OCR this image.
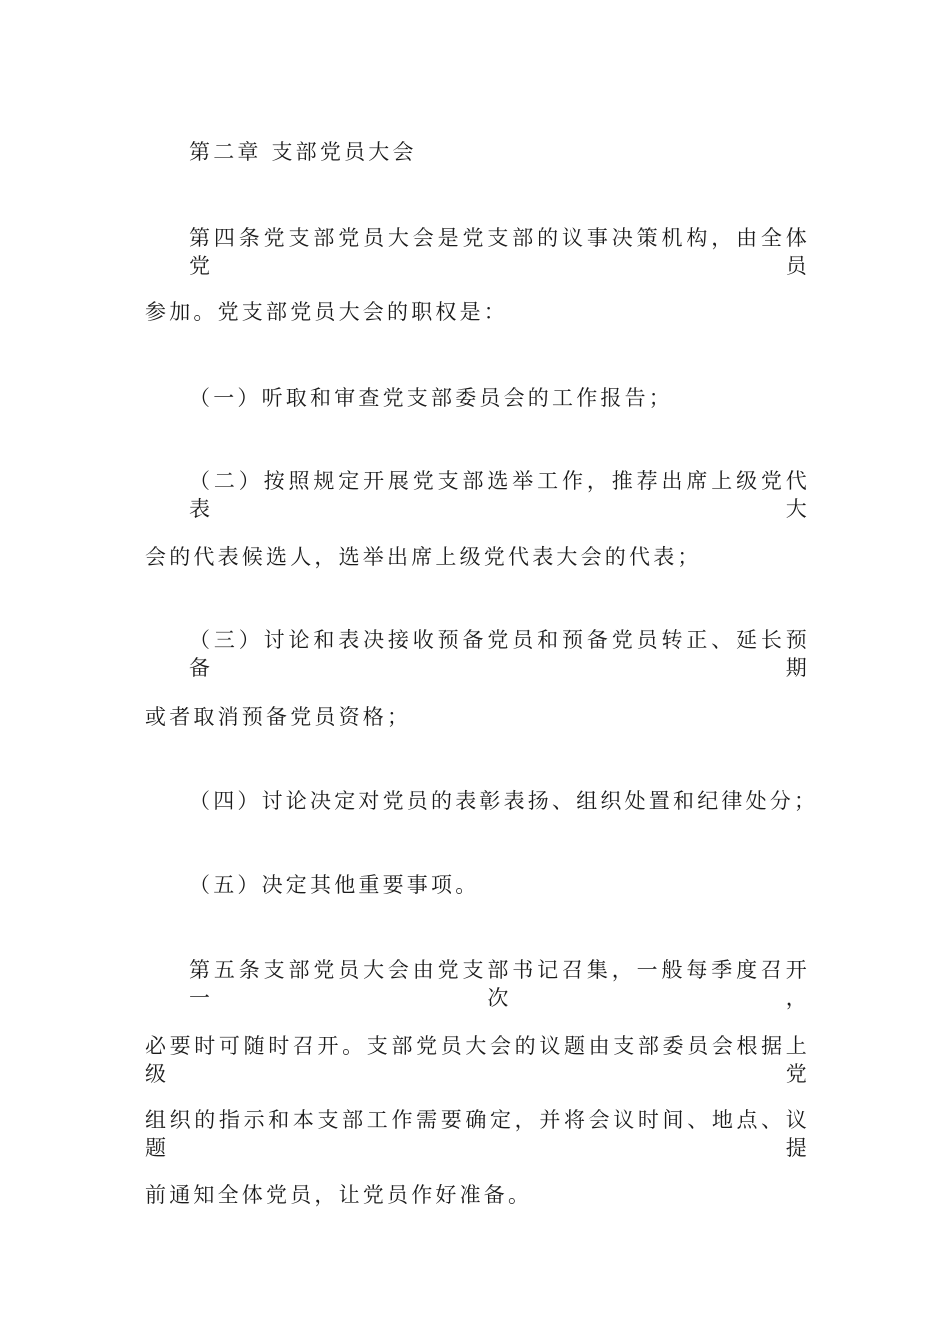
第二章 支部党员大会
第四条党支部党员大会是党支部的议事决策机构，由全体党员
参加。党支部党员大会的职权是：
（一）听取和审查党支部委员会的工作报告；
（二）按照规定开展党支部选举工作，推荐出席上级党代表大
会的代表候选人，选举出席上级党代表大会的代表；
（三）讨论和表决接收预备党员和预备党员转正、延长预备期
或者取消预备党员资格；
（四）讨论决定对党员的表彰表扬、组织处置和纪律处分；
（五）决定其他重要事项。
第五条支部党员大会由党支部书记召集，一般每季度召开一次，
必要时可随时召开。支部党员大会的议题由支部委员会根据上级党
组织的指示和本支部工作需要确定，并将会议时间、地点、议题提
前通知全体党员，让党员作好准备。
